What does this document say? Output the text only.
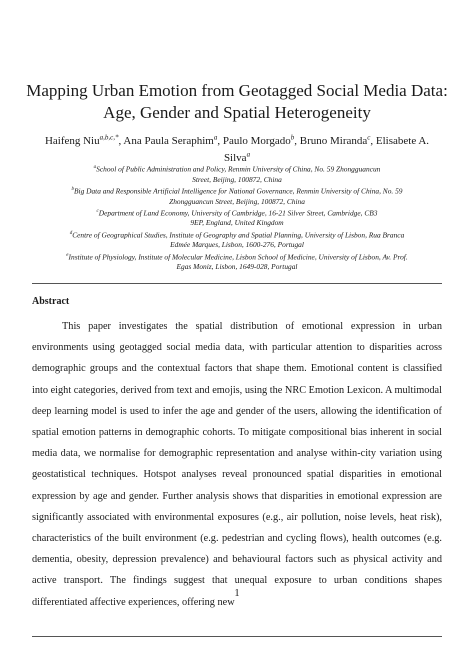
Mapping Urban Emotion from Geotagged Social Media Data:
Age, Gender and Spatial Heterogeneity
Haifeng Niu$^{a,b,c,*}$, Ana Paula Seraphim$^a$, Paulo Morgado$^b$, Bruno Miranda$^c$, Elisabete A. Silva$^a$
$^a$School of Public Administration and Policy, Renmin University of China, No. 59 Zhongguancun
Street, Beijing, 100872, China
$^b$Big Data and Responsible Artificial Intelligence for National Governance, Renmin University of China, No. 59
Zhongguancun Street, Beijing, 100872, China
$^c$Department of Land Economy, University of Cambridge, 16-21 Silver Street, Cambridge, CB3
9EP, England, United Kingdom
$^d$Centre of Geographical Studies, Institute of Geography and Spatial Planning, University of Lisbon, Rua Branca
Edmée Marques, Lisbon, 1600-276, Portugal
$^e$Institute of Physiology, Institute of Molecular Medicine, Lisbon School of Medicine, University of Lisbon, Av. Prof.
Egas Moniz, Lisbon, 1649-028, Portugal
Abstract

This paper investigates the spatial distribution of emotional expression in urban environments using geotagged social media data, with particular attention to disparities across demographic groups and the contextual factors that shape them. Emotional content is classified into eight categories, derived from text and emojis, using the NRC Emotion Lexicon. A multimodal deep learning model is used to infer the age and gender of the users, allowing the identification of spatial emotion patterns in demographic cohorts. To mitigate compositional bias inherent in social media data, we normalise for demographic representation and analyse within-city variation using geostatistical techniques. Hotspot analyses reveal pronounced spatial disparities in emotional expression by age and gender. Further analysis shows that disparities in emotional expression are significantly associated with environmental exposures (e.g., air pollution, noise levels, heat risk), characteristics of the built environment (e.g. pedestrian and cycling flows), health outcomes (e.g. dementia, obesity, depression prevalence) and behavioural factors such as physical activity and active transport. The findings suggest that unequal exposure to urban conditions shapes differentiated affective experiences, offering new

1
